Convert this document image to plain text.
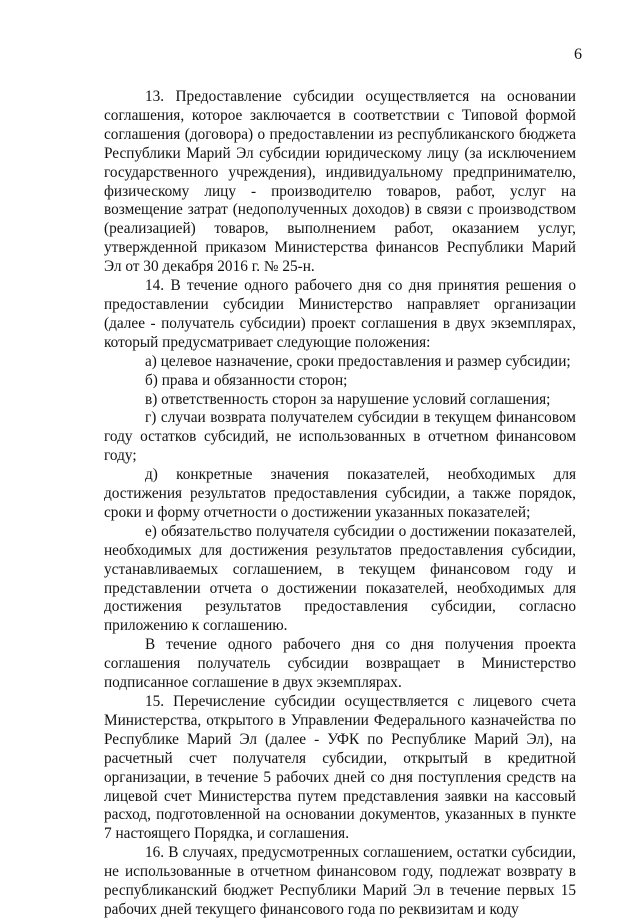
6

13. Предоставление субсидии осуществляется на основании соглашения, которое заключается в соответствии с Типовой формой соглашения (договора) о предоставлении из республиканского бюджета Республики Марий Эл субсидии юридическому лицу (за исключением государственного учреждения), индивидуальному предпринимателю, физическому лицу - производителю товаров, работ, услуг на возмещение затрат (недополученных доходов) в связи с производством (реализацией) товаров, выполнением работ, оказанием услуг, утвержденной приказом Министерства финансов Республики Марий Эл от 30 декабря 2016 г. № 25-н.

14. В течение одного рабочего дня со дня принятия решения о предоставлении субсидии Министерство направляет организации (далее - получатель субсидии) проект соглашения в двух экземплярах, который предусматривает следующие положения:

а) целевое назначение, сроки предоставления и размер субсидии;

б) права и обязанности сторон;

в) ответственность сторон за нарушение условий соглашения;

г) случаи возврата получателем субсидии в текущем финансовом году остатков субсидий, не использованных в отчетном финансовом году;

д) конкретные значения показателей, необходимых для достижения результатов предоставления субсидии, а также порядок, сроки и форму отчетности о достижении указанных показателей;

е) обязательство получателя субсидии о достижении показателей, необходимых для достижения результатов предоставления субсидии, устанавливаемых соглашением, в текущем финансовом году и представлении отчета о достижении показателей, необходимых для достижения результатов предоставления субсидии, согласно приложению к соглашению.

В течение одного рабочего дня со дня получения проекта соглашения получатель субсидии возвращает в Министерство подписанное соглашение в двух экземплярах.

15. Перечисление субсидии осуществляется с лицевого счета Министерства, открытого в Управлении Федерального казначейства по Республике Марий Эл (далее - УФК по Республике Марий Эл), на расчетный счет получателя субсидии, открытый в кредитной организации, в течение 5 рабочих дней со дня поступления средств на лицевой счет Министерства путем представления заявки на кассовый расход, подготовленной на основании документов, указанных в пункте 7 настоящего Порядка, и соглашения.

16. В случаях, предусмотренных соглашением, остатки субсидии, не использованные в отчетном финансовом году, подлежат возврату в республиканский бюджет Республики Марий Эл в течение первых 15 рабочих дней текущего финансового года по реквизитам и коду
